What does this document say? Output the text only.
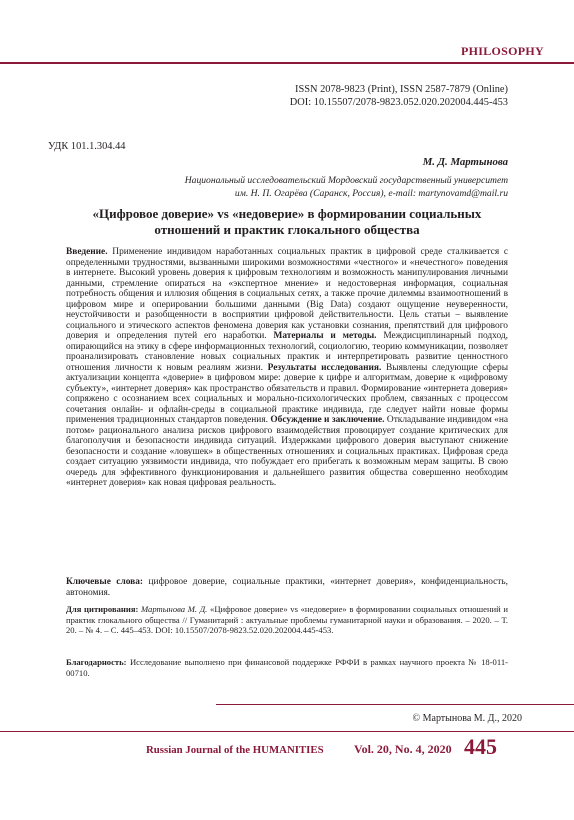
PHILOSOPHY
ISSN 2078-9823 (Print), ISSN 2587-7879 (Online)
DOI: 10.15507/2078-9823.052.020.202004.445-453
УДК 101.1.304.44
М. Д. Мартынова
Национальный исследовательский Мордовский государственный университет
им. Н. П. Огарёва (Саранск, Россия), e-mail: martynovamd@mail.ru
«Цифровое доверие» vs «недоверие» в формировании социальных
отношений и практик глокального обществa
Введение. Применение индивидом наработанных социальных практик в цифровой среде сталкивается с определенными трудностями, вызванными широкими возможностями «честного» и «нечестного» поведения в интернете. Высокий уровень доверия к цифровым технологиям и возможность манипулирования личными данными, стремление опираться на «экспертное мнение» и недостоверная информация, социальная потребность общения и иллюзия общения в социальных сетях, а также прочие дилеммы взаимоотношений в цифровом мире и оперировании большими данными (Big Data) создают ощущение неуверенности, неустойчивости и разобщенности в восприятии цифровой действительности. Цель статьи – выявление социального и этического аспектов феномена доверия как установки сознания, препятствий для цифрового доверия и определения путей его наработки. Материалы и методы. Междисциплинарный подход, опирающийся на этику в сфере информационных технологий, социологию, теорию коммуникации, позволяет проанализировать становление новых социальных практик и интерпретировать развитие ценностного отношения личности к новым реалиям жизни. Результаты исследования. Выявлены следующие сферы актуализации концепта «доверие» в цифровом мире: доверие к цифре и алгоритмам, доверие к «цифровому субъекту», «интернет доверия» как пространство обязательств и правил. Формирование «интернета доверия» сопряжено с осознанием всех социальных и морально-психологических проблем, связанных с процессом сочетания онлайн- и офлайн-среды в социальной практике индивида, где следует найти новые формы применения традиционных стандартов поведения. Обсуждение и заключение. Откладывание индивидом «на потом» рационального анализа рисков цифрового взаимодействия провоцирует создание критических для благополучия и безопасности индивида ситуаций. Издержками цифрового доверия выступают снижение безопасности и создание «ловушек» в общественных отношениях и социальных практиках. Цифровая среда создает ситуацию уязвимости индивида, что побуждает его прибегать к возможным мерам защиты. В свою очередь для эффективного функционирования и дальнейшего развития общества совершенно необходим «интернет доверия» как новая цифровая реальность.
Ключевые слова: цифровое доверие, социальные практики, «интернет доверия», конфиденциальность, автономия.
Для цитирования: Мартынова М. Д. «Цифровое доверие» vs «недоверие» в формировании социальных отношений и практик глокального общества // Гуманитарий : актуальные проблемы гуманитарной науки и образования. – 2020. – Т. 20. – № 4. – С. 445–453. DOI: 10.15507/2078-9823.52.020.202004.445-453.
Благодарность: Исследование выполнено при финансовой поддержке РФФИ в рамках научного проекта № 18-011-00710.
© Мартынова М. Д., 2020
Russian Journal of the HUMANITIES	Vol. 20, No. 4, 2020 445
